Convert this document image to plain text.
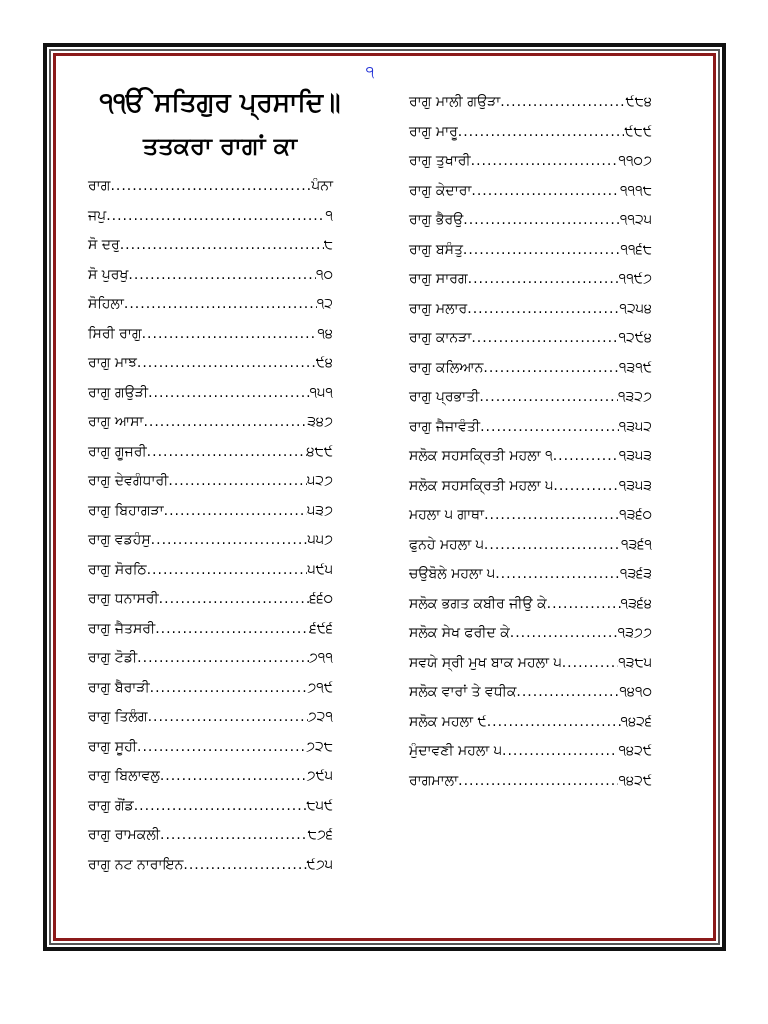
੧
੧ੴ ਸਤਿਗੁਰ ਪ੍ਰਸਾਦਿ॥
ਤਤਕਰਾ ਰਾਗਾਂ ਕਾ
ਰਾਗ .....	ਪੰਨਾ
ਜਪੁ .....	੧
ਸੋ ਦਰੁ .....	੮
ਸੋ ਪੁਰਖੁ .....	੧੦
ਸੋਹਿਲਾ .....	੧੨
ਸਿਰੀ ਰਾਗੁ .....	੧੪
ਰਾਗੁ ਮਾਝ .....	੯੪
ਰਾਗੁ ਗਉੜੀ .....	੧੫੧
ਰਾਗੁ ਆਸਾ .....	੩੪੭
ਰਾਗੁ ਗੂਜਰੀ .....	੪੮੯
ਰਾਗੁ ਦੇਵਗੰਧਾਰੀ .....	੫੨੭
ਰਾਗੁ ਬਿਹਾਗੜਾ .....	੫੩੭
ਰਾਗੁ ਵਡਹੰਸੁ .....	੫੫੭
ਰਾਗੁ ਸੋਰਠਿ .....	੫੯੫
ਰਾਗੁ ਧਨਾਸਰੀ .....	੬੬੦
ਰਾਗੁ ਜੈਤਸਰੀ .....	੬੯੬
ਰਾਗੁ ਟੋਡੀ .....	੭੧੧
ਰਾਗੁ ਬੈਰਾੜੀ .....	੭੧੯
ਰਾਗੁ ਤਿਲੰਗ .....	੭੨੧
ਰਾਗੁ ਸੂਹੀ .....	੭੨੮
ਰਾਗੁ ਬਿਲਾਵਲੁ .....	੭੯੫
ਰਾਗੁ ਗੋਂਡ .....	੮੫੯
ਰਾਗੁ ਰਾਮਕਲੀ .....	੮੭੬
ਰਾਗੁ ਨਟ ਨਾਰਾਇਨ .....	੯੭੫
ਰਾਗੁ ਮਾਲੀ ਗਉੜਾ .....	੯੮੪
ਰਾਗੁ ਮਾਰੂ .....	੯੮੯
ਰਾਗੁ ਤੁਖਾਰੀ .....	੧੧੦੭
ਰਾਗੁ ਕੇਦਾਰਾ .....	੧੧੧੮
ਰਾਗੁ ਭੈਰਉ .....	੧੧੨੫
ਰਾਗੁ ਬਸੰਤੁ .....	੧੧੬੮
ਰਾਗੁ ਸਾਰਗ .....	੧੧੯੭
ਰਾਗੁ ਮਲਾਰ .....	੧੨੫੪
ਰਾਗੁ ਕਾਨੜਾ .....	੧੨੯੪
ਰਾਗੁ ਕਲਿਆਨ .....	੧੩੧੯
ਰਾਗੁ ਪ੍ਰਭਾਤੀ .....	੧੩੨੭
ਰਾਗੁ ਜੈਜਾਵੰਤੀ .....	੧੩੫੨
ਸਲੋਕ ਸਹਸਕ੍ਰਿਤੀ ਮਹਲਾ ੧ .....	੧੩੫੩
ਸਲੋਕ ਸਹਸਕ੍ਰਿਤੀ ਮਹਲਾ ੫ .....	੧੩੫੩
ਮਹਲਾ ੫ ਗਾਥਾ .....	੧੩੬੦
ਫੁਨਹੇ ਮਹਲਾ ੫ .....	੧੩੬੧
ਚਉਬੋਲੇ ਮਹਲਾ ੫ .....	੧੩੬੩
ਸਲੋਕ ਭਗਤ ਕਬੀਰ ਜੀਉ ਕੇ .....	੧੩੬੪
ਸਲੋਕ ਸੇਖ ਫਰੀਦ ਕੇ .....	੧੩੭੭
ਸਵਯੇ ਸ੍ਰੀ ਮੁਖ ਬਾਕ ਮਹਲਾ ੫ .....	੧੩੮੫
ਸਲੋਕ ਵਾਰਾਂ ਤੇ ਵਧੀਕ .....	੧੪੧੦
ਸਲੋਕ ਮਹਲਾ ੯ .....	੧੪੨੬
ਮੁੰਦਾਵਣੀ ਮਹਲਾ ੫ .....	੧੪੨੯
ਰਾਗਮਾਲਾ .....	੧੪੨੯
